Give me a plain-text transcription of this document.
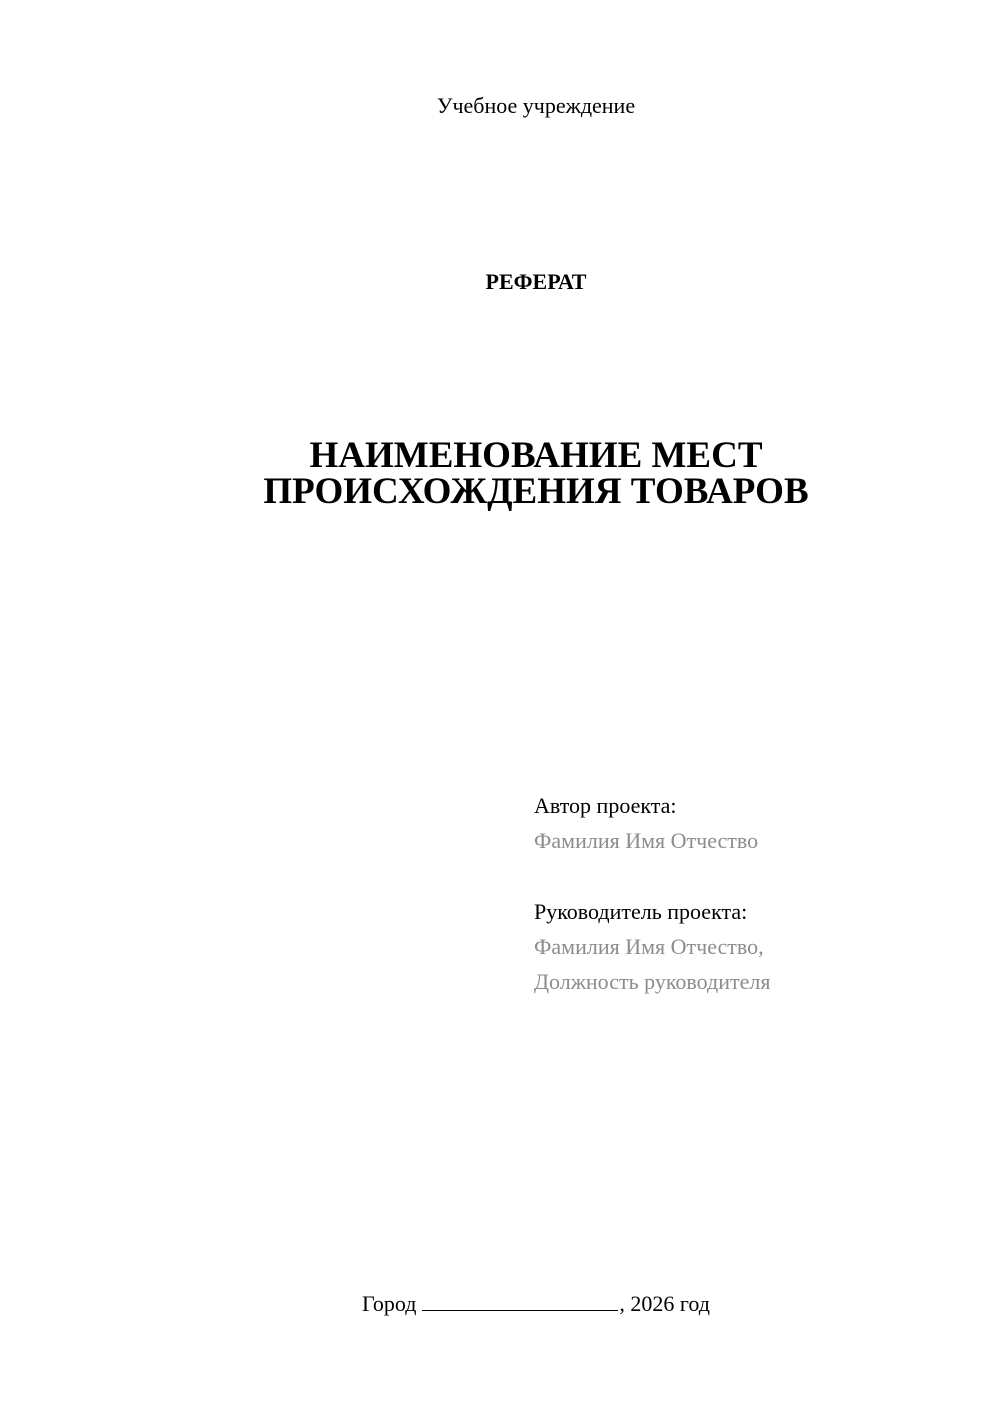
Учебное учреждение
РЕФЕРАТ
НАИМЕНОВАНИЕ МЕСТ
ПРОИСХОЖДЕНИЯ ТОВАРОВ
Автор проекта:
Фамилия Имя Отчество
Руководитель проекта:
Фамилия Имя Отчество,
Должность руководителя
Город	, 2026 год
